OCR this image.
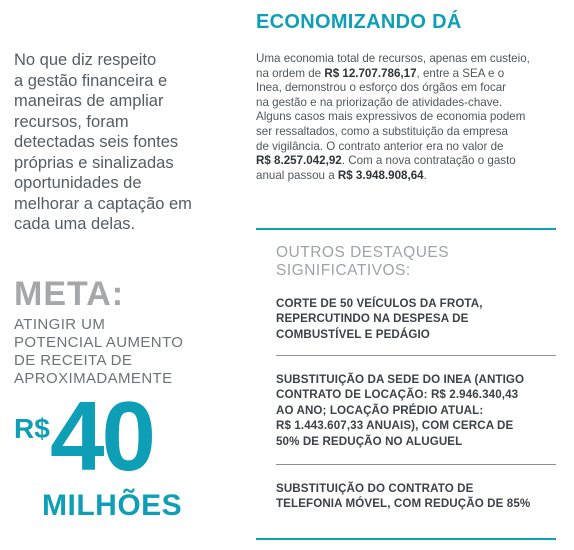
No que diz respeito
a gestão financeira e
maneiras de ampliar
recursos, foram
detectadas seis fontes
próprias e sinalizadas
oportunidades de
melhorar a captação em
cada uma delas.
META:
ATINGIR UM
POTENCIAL AUMENTO
DE RECEITA DE
APROXIMADAMENTE
R$ 40
MILHÕES
ECONOMIZANDO DÁ
Uma economia total de recursos, apenas em custeio,
na ordem de R$ 12.707.786,17, entre a SEA e o
Inea, demonstrou o esforço dos órgãos em focar
na gestão e na priorização de atividades-chave.
Alguns casos mais expressivos de economia podem
ser ressaltados, como a substituição da empresa
de vigilância. O contrato anterior era no valor de
R$ 8.257.042,92. Com a nova contratação o gasto
anual passou a R$ 3.948.908,64.
OUTROS DESTAQUES
SIGNIFICATIVOS:
CORTE DE 50 VEÍCULOS DA FROTA,
REPERCUTINDO NA DESPESA DE
COMBUSTÍVEL E PEDÁGIO
SUBSTITUIÇÃO DA SEDE DO INEA (ANTIGO
CONTRATO DE LOCAÇÃO: R$ 2.946.340,43
AO ANO; LOCAÇÃO PRÉDIO ATUAL:
R$ 1.443.607,33 ANUAIS), COM CERCA DE
50% DE REDUÇÃO NO ALUGUEL
SUBSTITUIÇÃO DO CONTRATO DE
TELEFONIA MÓVEL, COM REDUÇÃO DE 85%
